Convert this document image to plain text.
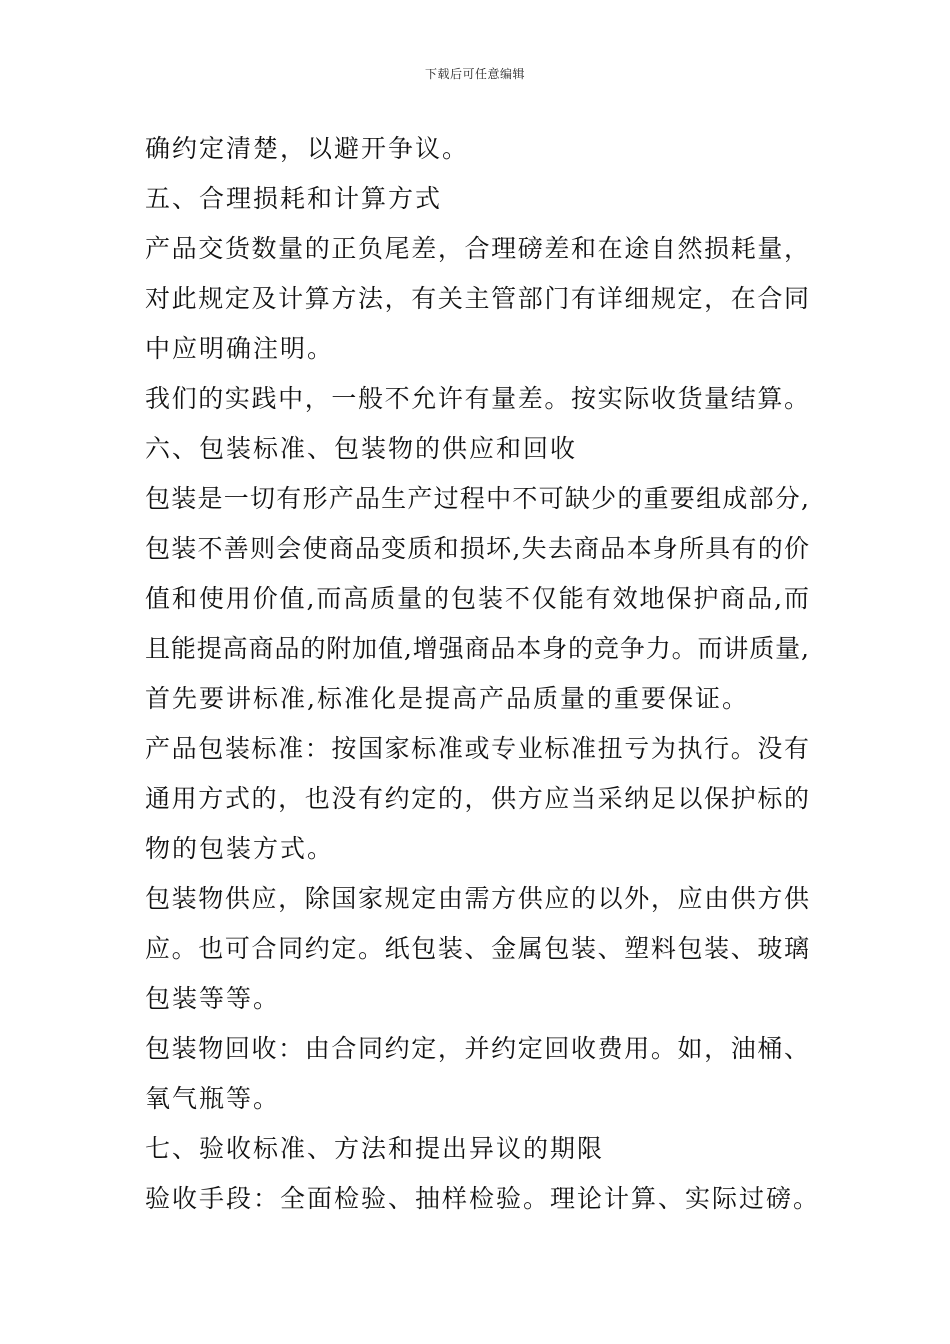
下载后可任意编辑
确约定清楚，以避开争议。
五、合理损耗和计算方式
产品交货数量的正负尾差，合理磅差和在途自然损耗量，
对此规定及计算方法，有关主管部门有详细规定，在合同
中应明确注明。
我们的实践中，一般不允许有量差。按实际收货量结算。
六、包装标准、包装物的供应和回收
包装是一切有形产品生产过程中不可缺少的重要组成部分,
包装不善则会使商品变质和损坏,失去商品本身所具有的价
值和使用价值,而高质量的包装不仅能有效地保护商品,而
且能提高商品的附加值,增强商品本身的竞争力。而讲质量,
首先要讲标准,标准化是提高产品质量的重要保证。
产品包装标准：按国家标准或专业标准扭亏为执行。没有
通用方式的，也没有约定的，供方应当采纳足以保护标的
物的包装方式。
包装物供应，除国家规定由需方供应的以外，应由供方供
应。也可合同约定。纸包装、金属包装、塑料包装、玻璃
包装等等。
包装物回收：由合同约定，并约定回收费用。如，油桶、
氧气瓶等。
七、验收标准、方法和提出异议的期限
验收手段：全面检验、抽样检验。理论计算、实际过磅。
